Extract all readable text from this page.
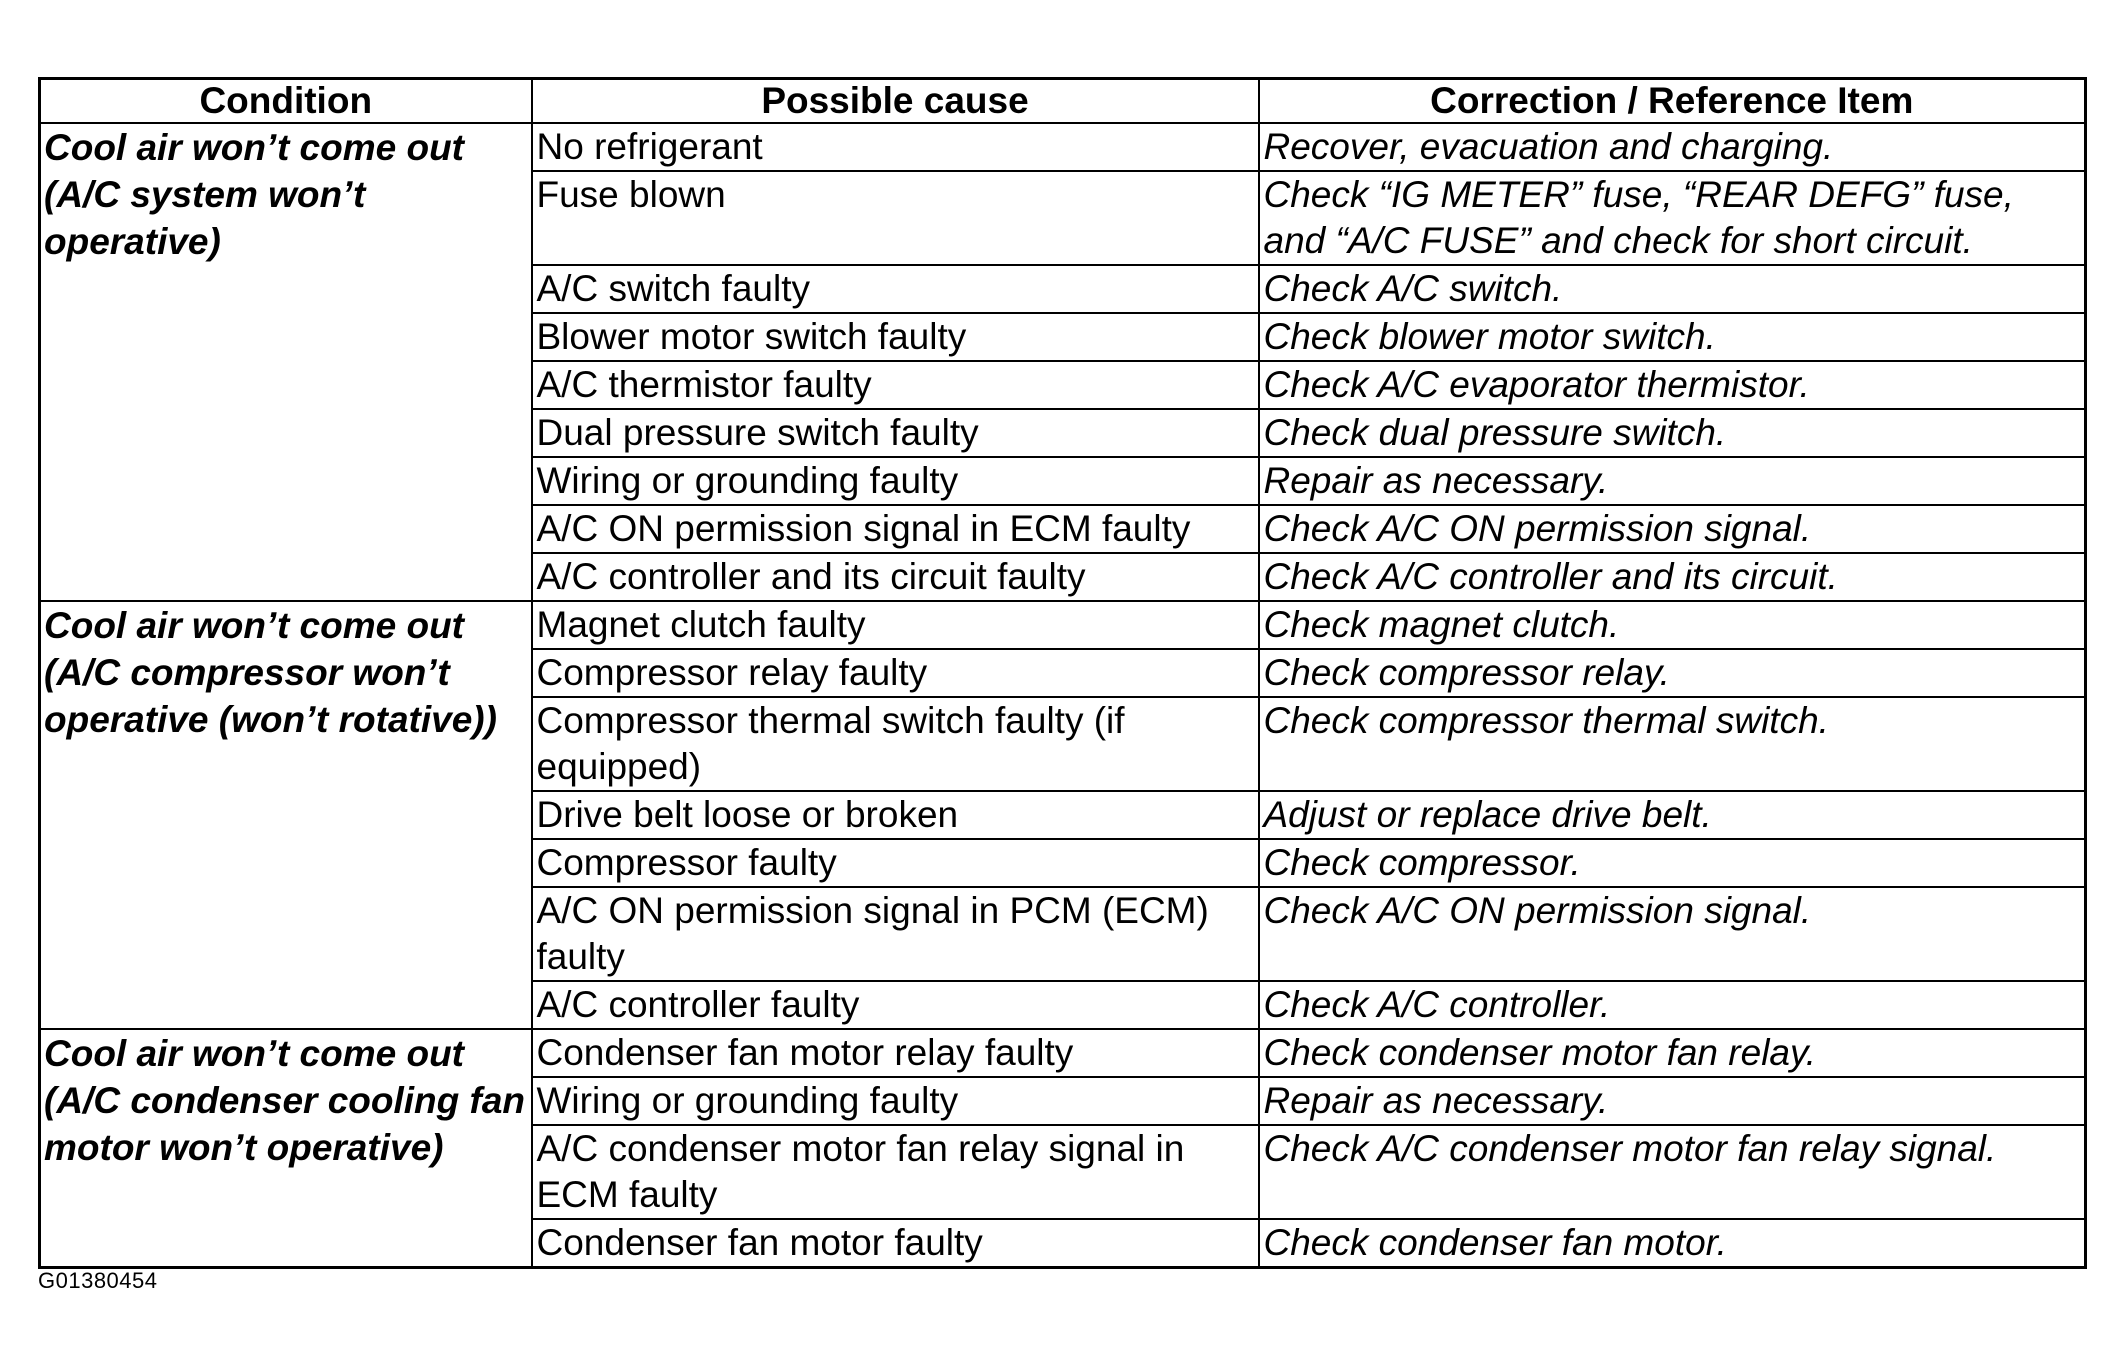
Condition	Possible cause	Correction / Reference Item
Cool air won’t come out (A/C system won’t operative)	No refrigerant	Recover, evacuation and charging.
	Fuse blown	Check “IG METER” fuse, “REAR DEFG” fuse, and “A/C FUSE” and check for short circuit.
	A/C switch faulty	Check A/C switch.
	Blower motor switch faulty	Check blower motor switch.
	A/C thermistor faulty	Check A/C evaporator thermistor.
	Dual pressure switch faulty	Check dual pressure switch.
	Wiring or grounding faulty	Repair as necessary.
	A/C ON permission signal in ECM faulty	Check A/C ON permission signal.
	A/C controller and its circuit faulty	Check A/C controller and its circuit.
Cool air won’t come out (A/C compressor won’t operative (won’t rotative))	Magnet clutch faulty	Check magnet clutch.
	Compressor relay faulty	Check compressor relay.
	Compressor thermal switch faulty (if equipped)	Check compressor thermal switch.
	Drive belt loose or broken	Adjust or replace drive belt.
	Compressor faulty	Check compressor.
	A/C ON permission signal in PCM (ECM) faulty	Check A/C ON permission signal.
	A/C controller faulty	Check A/C controller.
Cool air won’t come out (A/C condenser cooling fan motor won’t operative)	Condenser fan motor relay faulty	Check condenser motor fan relay.
	Wiring or grounding faulty	Repair as necessary.
	A/C condenser motor fan relay signal in ECM faulty	Check A/C condenser motor fan relay signal.
	Condenser fan motor faulty	Check condenser fan motor.
G01380454
